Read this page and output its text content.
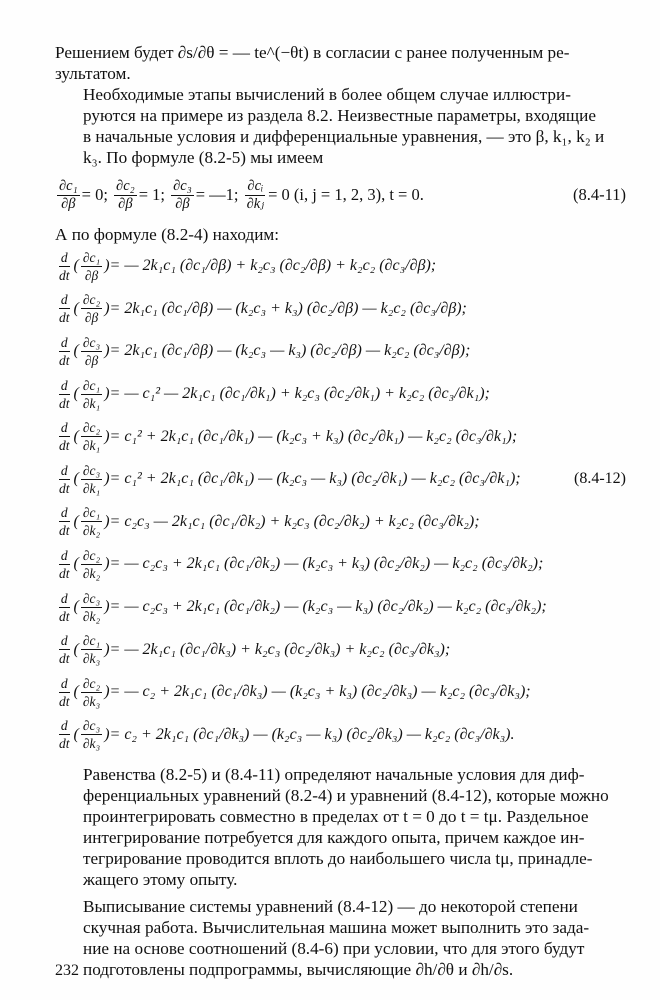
Решением будет ∂s/∂θ = — te^(−θt) в согласии с ранее полученным ре-
зультатом.

Необходимые этапы вычислений в более общем случае иллюстри-
руются на примере из раздела 8.2. Неизвестные параметры, входящие
в начальные условия и дифференциальные уравнения, — это β, k₁, k₂ и
k₃. По формуле (8.2-5) мы имеем

$\frac{\text{∂c₁}}{\partial\beta} = 0$;
$\frac{\text{∂c₂}}{\partial\beta} = 1$;
$\frac{\text{∂c₃}}{\partial\beta}$ = —1;
$\frac{\text{∂cᵢ}}{\text{∂kⱼ}} = 0$ (i, j = 1, 2, 3), t = 0.	(8.4-11)

А по формуле (8.2-4) находим:

$\frac{d}{dt}$ ( $\frac{\text{∂c₁}}{\partial\beta}$ ) = — 2k₁c₁ (∂c₁/∂β) + k₂c₃ (∂c₂/∂β) + k₂c₂ (∂c₃/∂β);
$\frac{d}{dt}$ ( $\frac{\text{∂c₂}}{\partial\beta}$ ) = 2k₁c₁ (∂c₁/∂β) — (k₂c₃ + k₃) (∂c₂/∂β) — k₂c₂ (∂c₃/∂β);
$\frac{d}{dt}$ ( $\frac{\text{∂c₃}}{\partial\beta}$ ) = 2k₁c₁ (∂c₁/∂β) — (k₂c₃ — k₃) (∂c₂/∂β) — k₂c₂ (∂c₃/∂β);
$\frac{d}{dt}$ ( $\frac{\text{∂c₁}}{\text{∂k₁}}$ ) = — c₁² — 2k₁c₁ (∂c₁/∂k₁) + k₂c₃ (∂c₂/∂k₁) + k₂c₂ (∂c₃/∂k₁);
$\frac{d}{dt}$ ( $\frac{\text{∂c₂}}{\text{∂k₁}}$ ) = c₁² + 2k₁c₁ (∂c₁/∂k₁) — (k₂c₃ + k₃) (∂c₂/∂k₁) — k₂c₂ (∂c₃/∂k₁);
$\frac{d}{dt}$ ( $\frac{\text{∂c₃}}{\text{∂k₁}}$ ) = c₁² + 2k₁c₁ (∂c₁/∂k₁) — (k₂c₃ — k₃) (∂c₂/∂k₁) — k₂c₂ (∂c₃/∂k₁);	(8.4-12)
$\frac{d}{dt}$ ( $\frac{\text{∂c₁}}{\text{∂k₂}}$ ) = c₂c₃ — 2k₁c₁ (∂c₁/∂k₂) + k₂c₃ (∂c₂/∂k₂) + k₂c₂ (∂c₃/∂k₂);
$\frac{d}{dt}$ ( $\frac{\text{∂c₂}}{\text{∂k₂}}$ ) = — c₂c₃ + 2k₁c₁ (∂c₁/∂k₂) — (k₂c₃ + k₃) (∂c₂/∂k₂) — k₂c₂ (∂c₃/∂k₂);
$\frac{d}{dt}$ ( $\frac{\text{∂c₃}}{\text{∂k₂}}$ ) = — c₂c₃ + 2k₁c₁ (∂c₁/∂k₂) — (k₂c₃ — k₃) (∂c₂/∂k₂) — k₂c₂ (∂c₃/∂k₂);
$\frac{d}{dt}$ ( $\frac{\text{∂c₁}}{\text{∂k₃}}$ ) = — 2k₁c₁ (∂c₁/∂k₃) + k₂c₃ (∂c₂/∂k₃) + k₂c₂ (∂c₃/∂k₃);
$\frac{d}{dt}$ ( $\frac{\text{∂c₂}}{\text{∂k₃}}$ ) = — c₂ + 2k₁c₁ (∂c₁/∂k₃) — (k₂c₃ + k₃) (∂c₂/∂k₃) — k₂c₂ (∂c₃/∂k₃);
$\frac{d}{dt}$ ( $\frac{\text{∂c₃}}{\text{∂k₃}}$ ) = c₂ + 2k₁c₁ (∂c₁/∂k₃) — (k₂c₃ — k₃) (∂c₂/∂k₃) — k₂c₂ (∂c₃/∂k₃).

Равенства (8.2-5) и (8.4-11) определяют начальные условия для диф-
ференциальных уравнений (8.2-4) и уравнений (8.4-12), которые можно
проинтегрировать совместно в пределах от t = 0 до t = tμ. Раздельное
интегрирование потребуется для каждого опыта, причем каждое ин-
тегрирование проводится вплоть до наибольшего числа tμ, принадле-
жащего этому опыту.

Выписывание системы уравнений (8.4-12) — до некоторой степени
скучная работа. Вычислительная машина может выполнить это зада-
ние на основе соотношений (8.4-6) при условии, что для этого будут
подготовлены подпрограммы, вычисляющие ∂h/∂θ и ∂h/∂s.

232
